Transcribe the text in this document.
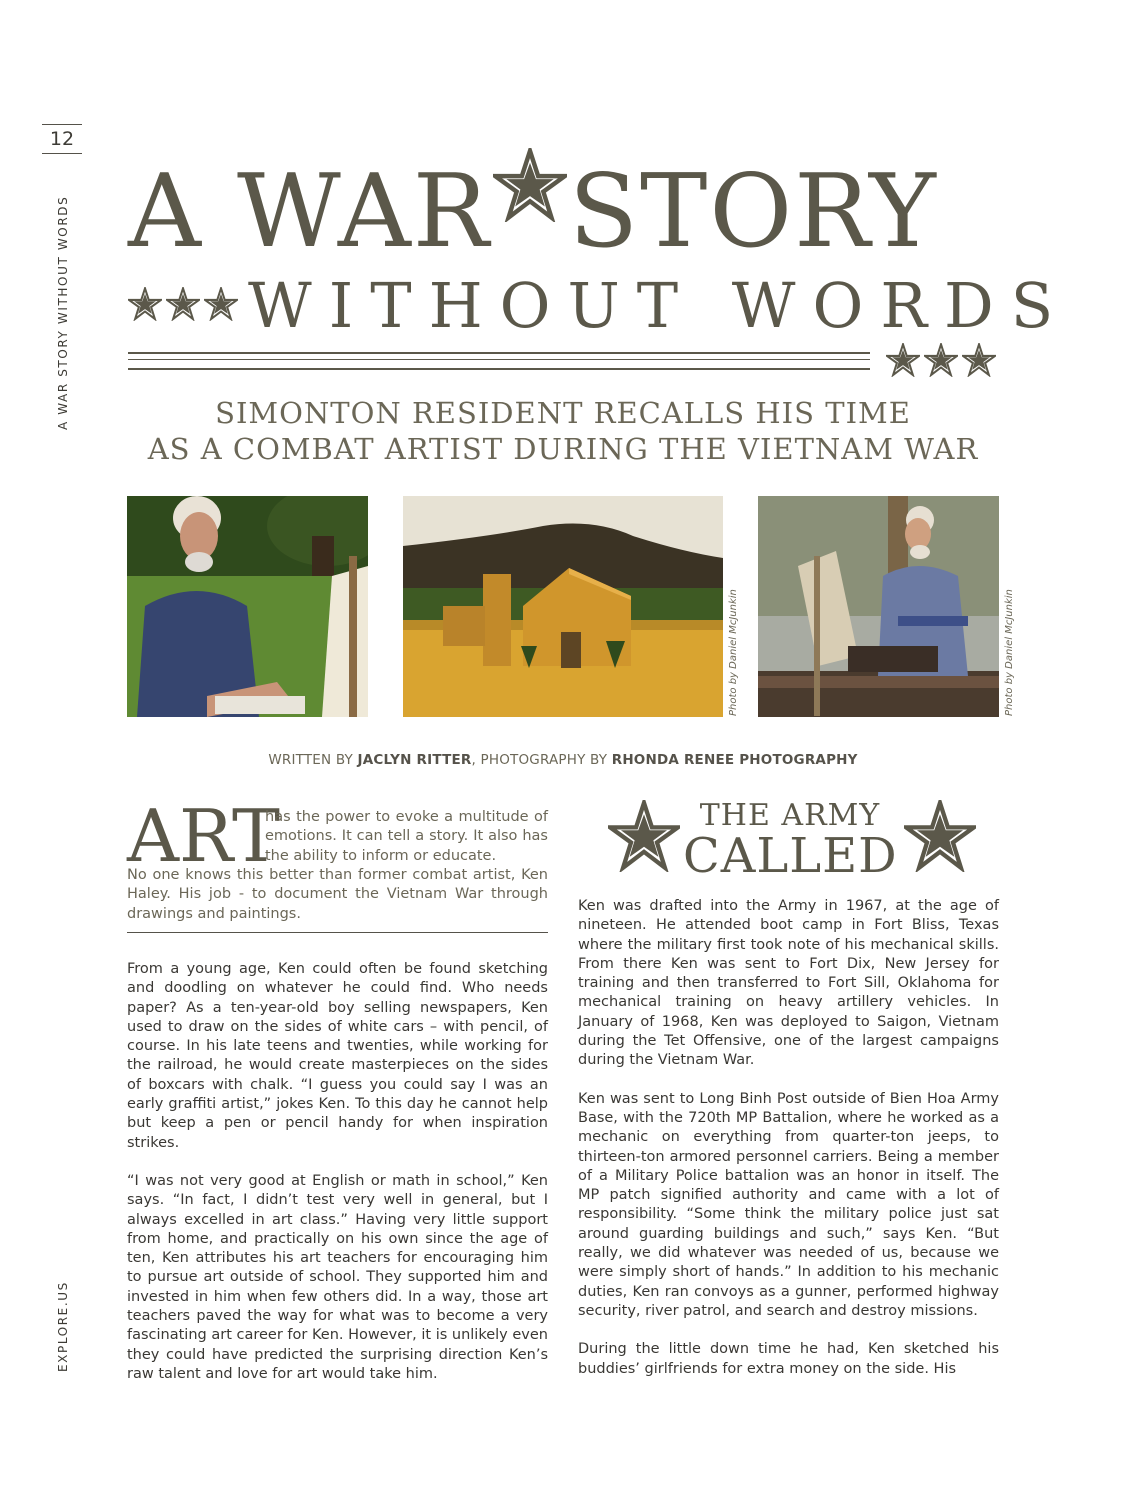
12
A WAR STORY WITHOUT WORDS
EXPLORE.US
A WAR STORY
WITHOUT WORDS
SIMONTON RESIDENT RECALLS HIS TIME
AS A COMBAT ARTIST DURING THE VIETNAM WAR
Photo by Daniel McJunkin	Photo by Daniel McJunkin
WRITTEN BY JACLYN RITTER, PHOTOGRAPHY BY RHONDA RENEE PHOTOGRAPHY
ART
has the power to evoke a multitude of emotions. It can tell a story. It also has the ability to inform or educate.
No one knows this better than former combat artist, Ken Haley. His job - to document the Vietnam War through drawings and paintings.

From a young age, Ken could often be found sketching and doodling on whatever he could find. Who needs paper? As a ten-year-old boy selling newspapers, Ken used to draw on the sides of white cars – with pencil, of course. In his late teens and twenties, while working for the railroad, he would create masterpieces on the sides of boxcars with chalk. “I guess you could say I was an early graffiti artist,” jokes Ken. To this day he cannot help but keep a pen or pencil handy for when inspiration strikes.

“I was not very good at English or math in school,” Ken says. “In fact, I didn’t test very well in general, but I always excelled in art class.” Having very little support from home, and practically on his own since the age of ten, Ken attributes his art teachers for encouraging him to pursue art outside of school. They supported him and invested in him when few others did. In a way, those art teachers paved the way for what was to become a very fascinating art career for Ken. However, it is unlikely even they could have predicted the surprising direction Ken’s raw talent and love for art would take him.

THE ARMY
CALLED

Ken was drafted into the Army in 1967, at the age of nineteen. He attended boot camp in Fort Bliss, Texas where the military first took note of his mechanical skills. From there Ken was sent to Fort Dix, New Jersey for training and then transferred to Fort Sill, Oklahoma for mechanical training on heavy artillery vehicles. In January of 1968, Ken was deployed to Saigon, Vietnam during the Tet Offensive, one of the largest campaigns during the Vietnam War.

Ken was sent to Long Binh Post outside of Bien Hoa Army Base, with the 720th MP Battalion, where he worked as a mechanic on everything from quarter-ton jeeps, to thirteen-ton armored personnel carriers. Being a member of a Military Police battalion was an honor in itself. The MP patch signified authority and came with a lot of responsibility. “Some think the military police just sat around guarding buildings and such,” says Ken. “But really, we did whatever was needed of us, because we were simply short of hands.” In addition to his mechanic duties, Ken ran convoys as a gunner, performed highway security, river patrol, and search and destroy missions.

During the little down time he had, Ken sketched his buddies’ girlfriends for extra money on the side. His
